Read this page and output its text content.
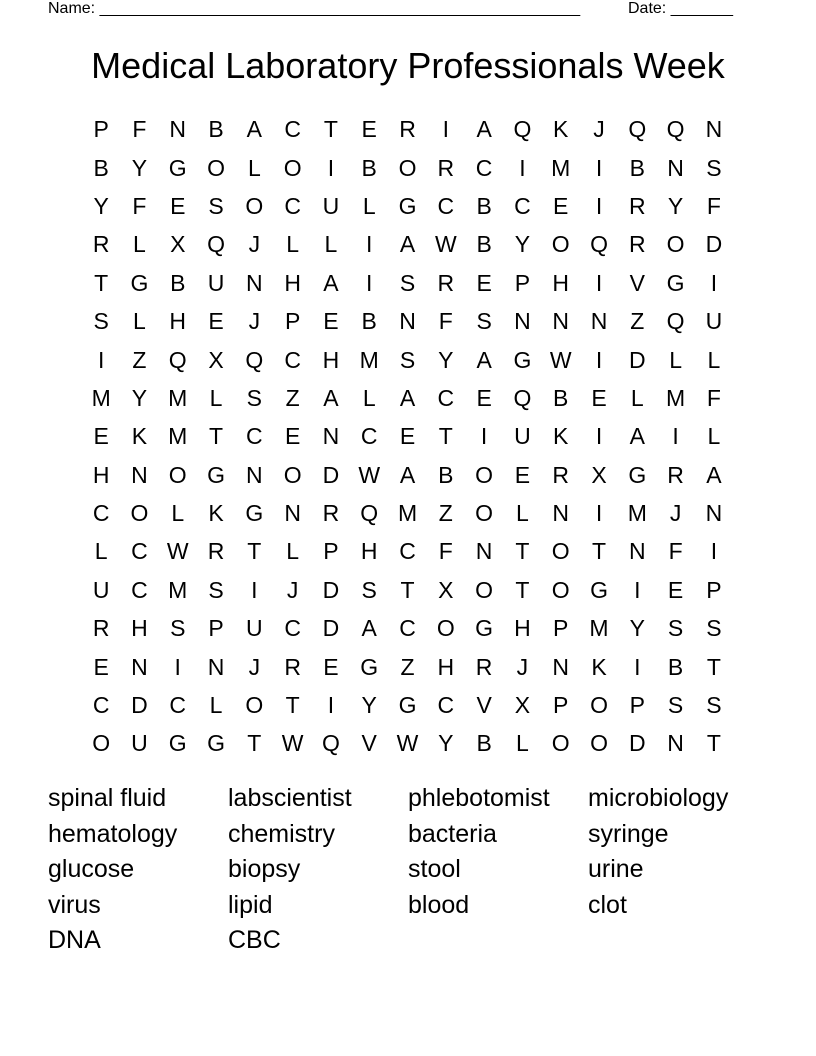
Name: ______________________________________________________	Date: _______
Medical Laboratory Professionals Week
P	F N B A C T	E R	I	A Q K	J	Q Q N
B Y G O L O	I	B O R C	I	M	I	B N S
Y	F	E S O C U	L G C B C E	I	R Y	F
R	L	X Q	J	L	L	I	A W B Y O Q R O D
T G B U N H A	I	S R E P H	I	V G	I
S	L	H E	J	P E B N F	S N N N Z Q U
I	Z Q X Q C H M S Y A G W	I	D	L	L
M Y M L	S	Z	A	L	A C E Q B E	L M F
E K M T C E N C E	T	I	U K	I	A	I	L
H N O G N O D W A B O E R X G R A
C O L	K G N R Q M Z O L	N	I	M J	N
L	C W R T	L	P H C F N T O T N F	I
U C M S	I	J	D S	T	X O T O G	I	E P
R H S P U C D A C O G H P M Y S S
E N	I	N	J	R E G Z H R	J	N K	I	B	T
C D C	L O T	I	Y G C V X P O P S S
O U G G T W Q V W Y B	L O O D N T
spinal fluid	labscientist	phlebotomist	microbiology
hematology	chemistry	bacteria	syringe
glucose	biopsy	stool	urine
virus	lipid	blood	clot
DNA	CBC
